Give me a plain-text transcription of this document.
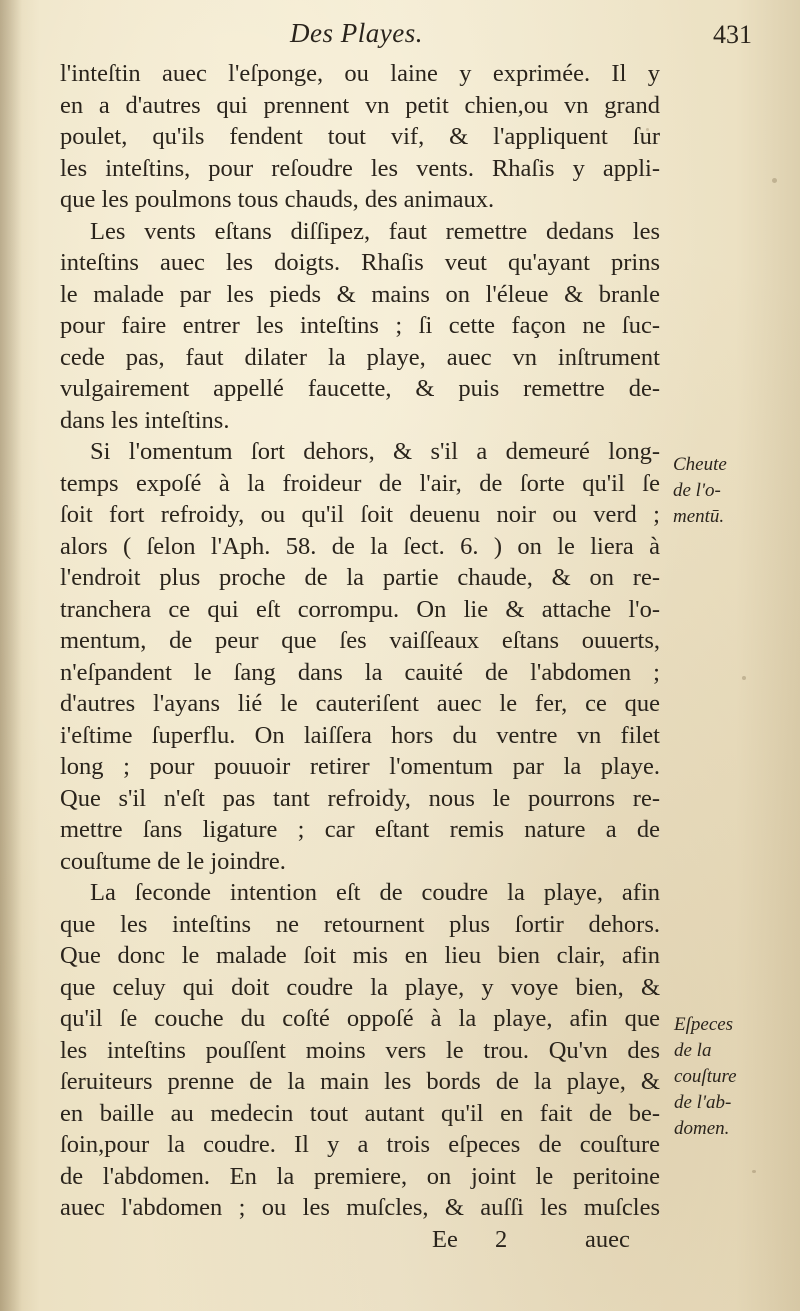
Des Playes.	431
l'inteſtin auec l'eſponge, ou laine y exprimée. Il y
en a d'autres qui prennent vn petit chien,ou vn grand
poulet, qu'ils fendent tout vif, & l'appliquent ſur
les inteſtins, pour reſoudre les vents. Rhaſis y appli-
que les poulmons tous chauds, des animaux.
Les vents eſtans diſſipez, faut remettre dedans les
inteſtins auec les doigts. Rhaſis veut qu'ayant prins
le malade par les pieds & mains on l'éleue & branle
pour faire entrer les inteſtins ; ſi cette façon ne ſuc-
cede pas, faut dilater la playe, auec vn inſtrument
vulgairement appellé faucette, & puis remettre de-
dans les inteſtins.
Si l'omentum ſort dehors, & s'il a demeuré long-
temps expoſé à la froideur de l'air, de ſorte qu'il ſe
ſoit fort refroidy, ou qu'il ſoit deuenu noir ou verd ;
alors ( ſelon l'Aph. 58. de la ſect. 6. ) on le liera à
l'endroit plus proche de la partie chaude, & on re-
tranchera ce qui eſt corrompu. On lie & attache l'o-
mentum, de peur que ſes vaiſſeaux eſtans ouuerts,
n'eſpandent le ſang dans la cauité de l'abdomen ;
d'autres l'ayans lié le cauteriſent auec le fer, ce que
i'eſtime ſuperflu. On laiſſera hors du ventre vn filet
long ; pour pouuoir retirer l'omentum par la playe.
Que s'il n'eſt pas tant refroidy, nous le pourrons re-
mettre ſans ligature ; car eſtant remis nature a de
couſtume de le joindre.
La ſeconde intention eſt de coudre la playe, afin
que les inteſtins ne retournent plus ſortir dehors.
Que donc le malade ſoit mis en lieu bien clair, afin
que celuy qui doit coudre la playe, y voye bien, &
qu'il ſe couche du coſté oppoſé à la playe, afin que
les inteſtins pouſſent moins vers le trou. Qu'vn des
ſeruiteurs prenne de la main les bords de la playe, &
en baille au medecin tout autant qu'il en fait de be-
ſoin,pour la coudre. Il y a trois eſpeces de couſture
de l'abdomen. En la premiere, on joint le peritoine
auec l'abdomen ; ou les muſcles, & auſſi les muſcles
Ee 2	auec
Cheute
de l'o-
mentū.
Eſpeces
de la
couſture
de l'ab-
domen.
